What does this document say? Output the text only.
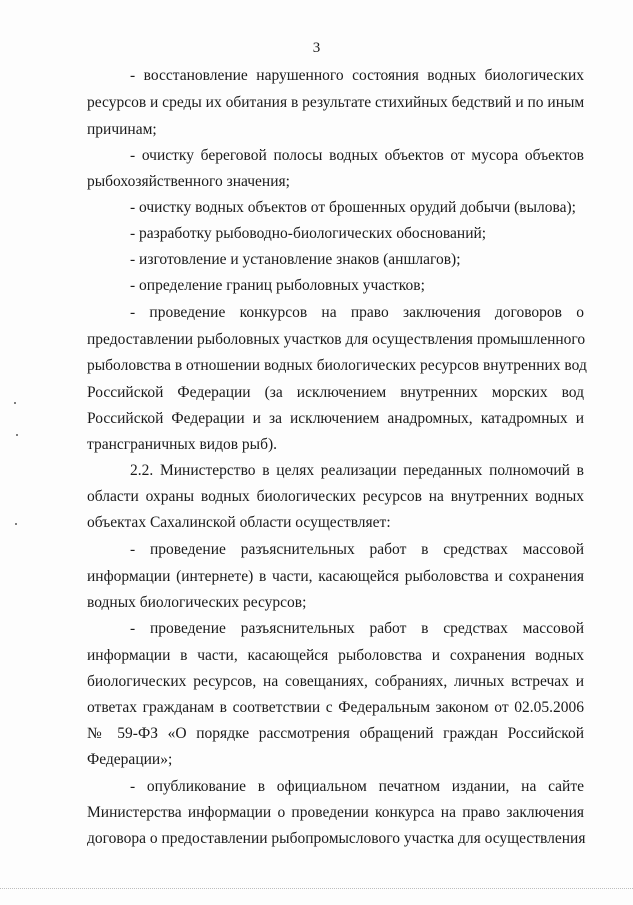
3
- восстановление нарушенного состояния водных биологических
ресурсов и среды их обитания в результате стихийных бедствий и по иным
причинам;
- очистку береговой полосы водных объектов от мусора объектов
рыбохозяйственного значения;
- очистку водных объектов от брошенных орудий добычи (вылова);
- разработку рыбоводно-биологических обоснований;
- изготовление и установление знаков (аншлагов);
- определение границ рыболовных участков;
- проведение конкурсов на право заключения договоров о
предоставлении рыболовных участков для осуществления промышленного
рыболовства в отношении водных биологических ресурсов внутренних вод
Российской Федерации (за исключением внутренних морских вод
Российской Федерации и за исключением анадромных, катадромных и
трансграничных видов рыб).
2.2. Министерство в целях реализации переданных полномочий в
области охраны водных биологических ресурсов на внутренних водных
объектах Сахалинской области осуществляет:
- проведение разъяснительных работ в средствах массовой
информации (интернете) в части, касающейся рыболовства и сохранения
водных биологических ресурсов;
- проведение разъяснительных работ в средствах массовой
информации в части, касающейся рыболовства и сохранения водных
биологических ресурсов, на совещаниях, собраниях, личных встречах и
ответах гражданам в соответствии с Федеральным законом от 02.05.2006
№ 59-ФЗ «О порядке рассмотрения обращений граждан Российской
Федерации»;
- опубликование в официальном печатном издании, на сайте
Министерства информации о проведении конкурса на право заключения
договора о предоставлении рыбопромыслового участка для осуществления
